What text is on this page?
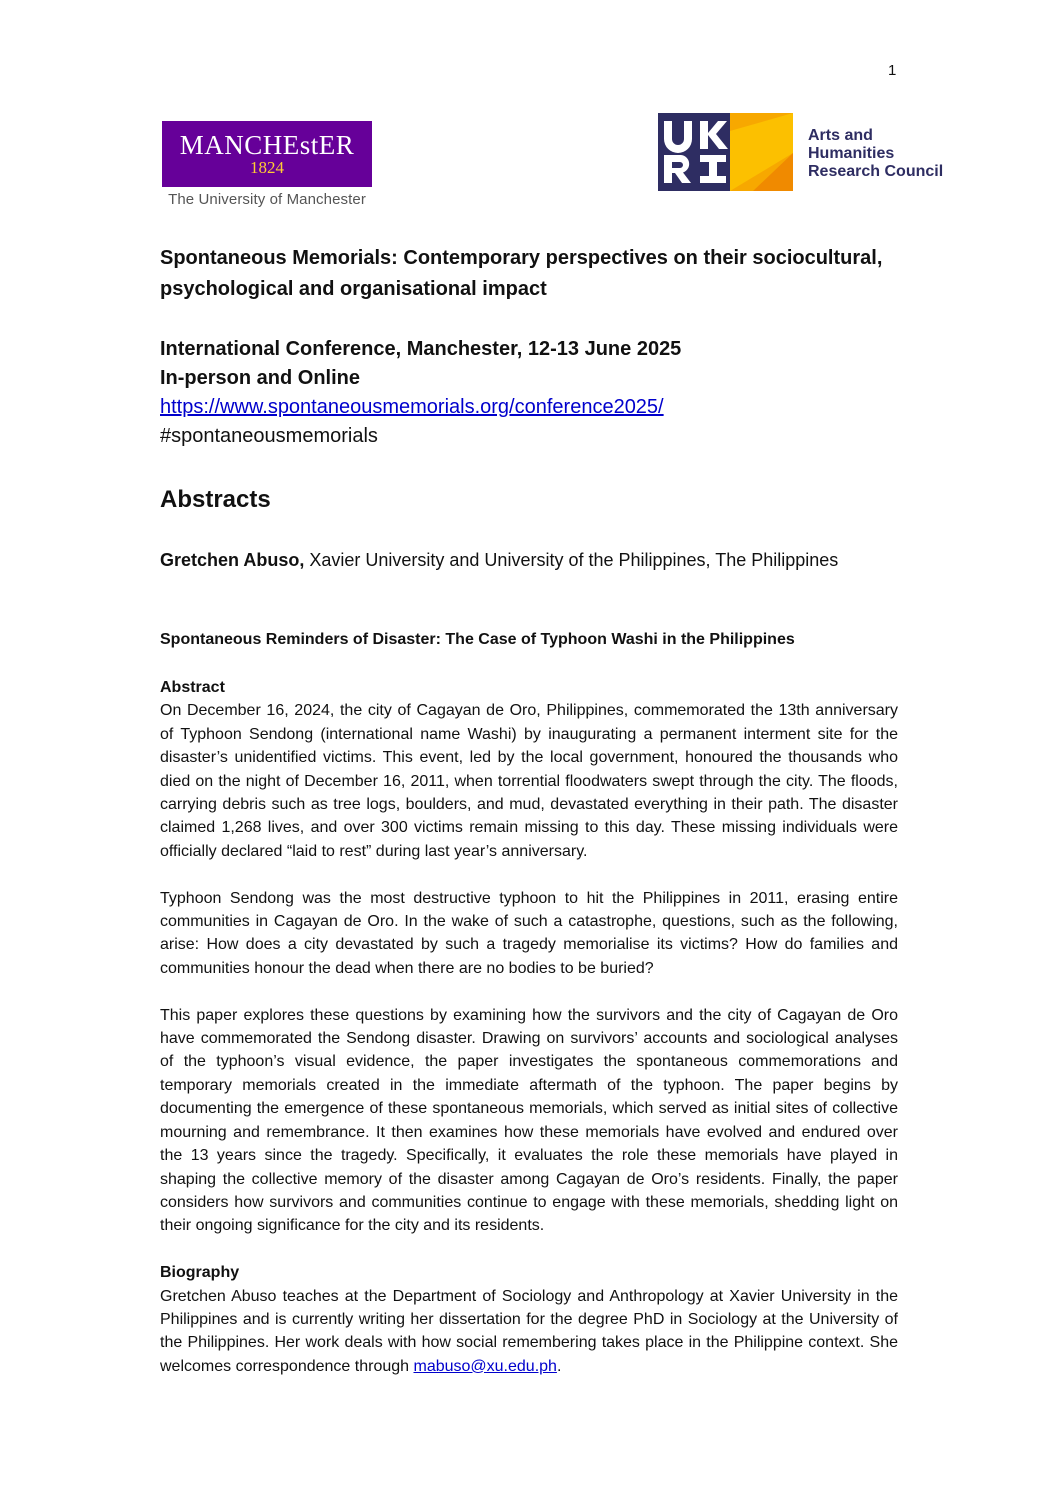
1
MANCHEstER
1824
The University of Manchester
Arts and
Humanities
Research Council
Spontaneous Memorials: Contemporary perspectives on their sociocultural, psychological and organisational impact
International Conference, Manchester, 12-13 June 2025
In-person and Online
https://www.spontaneousmemorials.org/conference2025/
#spontaneousmemorials
Abstracts
Gretchen Abuso, Xavier University and University of the Philippines, The Philippines
Spontaneous Reminders of Disaster: The Case of Typhoon Washi in the Philippines

Abstract

On December 16, 2024, the city of Cagayan de Oro, Philippines, commemorated the 13th anniversary of Typhoon Sendong (international name Washi) by inaugurating a permanent interment site for the disaster’s unidentified victims. This event, led by the local government, honoured the thousands who died on the night of December 16, 2011, when torrential floodwaters swept through the city. The floods, carrying debris such as tree logs, boulders, and mud, devastated everything in their path. The disaster claimed 1,268 lives, and over 300 victims remain missing to this day. These missing individuals were officially declared “laid to rest” during last year’s anniversary.

Typhoon Sendong was the most destructive typhoon to hit the Philippines in 2011, erasing entire communities in Cagayan de Oro. In the wake of such a catastrophe, questions, such as the following, arise: How does a city devastated by such a tragedy memorialise its victims? How do families and communities honour the dead when there are no bodies to be buried?

This paper explores these questions by examining how the survivors and the city of Cagayan de Oro have commemorated the Sendong disaster. Drawing on survivors’ accounts and sociological analyses of the typhoon’s visual evidence, the paper investigates the spontaneous commemorations and temporary memorials created in the immediate aftermath of the typhoon. The paper begins by documenting the emergence of these spontaneous memorials, which served as initial sites of collective mourning and remembrance. It then examines how these memorials have evolved and endured over the 13 years since the tragedy. Specifically, it evaluates the role these memorials have played in shaping the collective memory of the disaster among Cagayan de Oro’s residents. Finally, the paper considers how survivors and communities continue to engage with these memorials, shedding light on their ongoing significance for the city and its residents.

Biography

Gretchen Abuso teaches at the Department of Sociology and Anthropology at Xavier University in the Philippines and is currently writing her dissertation for the degree PhD in Sociology at the University of the Philippines. Her work deals with how social remembering takes place in the Philippine context. She welcomes correspondence through mabuso@xu.edu.ph.
